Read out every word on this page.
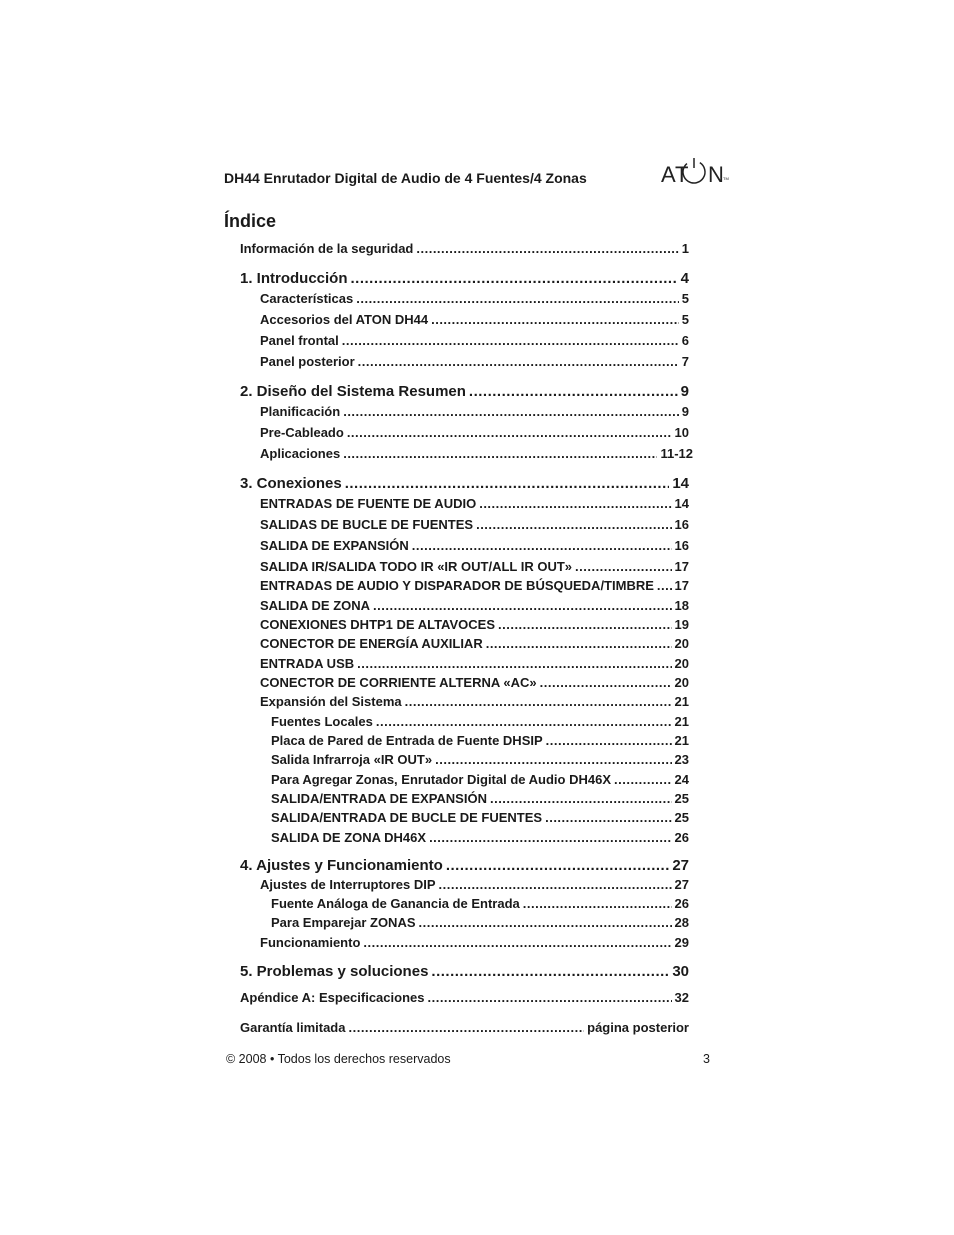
DH44 Enrutador Digital de Audio de 4 Fuentes/4 Zonas	A T N TM
Índice
Información de la seguridad .....	1
1. Introducción .....	4
Características .....	5
Accesorios del ATON DH44 .....	5
Panel frontal .....	6
Panel posterior .....	7
2. Diseño del Sistema Resumen .....	9
Planificación .....	9
Pre-Cableado .....	10
Aplicaciones .....	11-12
3. Conexiones .....	14
ENTRADAS DE FUENTE DE AUDIO .....	14
SALIDAS DE BUCLE DE FUENTES .....	16
SALIDA DE EXPANSIÓN .....	16
SALIDA IR/SALIDA TODO IR «IR OUT/ALL IR OUT» .....	17
ENTRADAS DE AUDIO Y DISPARADOR DE BÚSQUEDA/TIMBRE ..... 17
SALIDA DE ZONA .....	18
CONEXIONES DHTP1 DE ALTAVOCES .....	19
CONECTOR DE ENERGÍA AUXILIAR .....	20
ENTRADA USB .....	20
CONECTOR DE CORRIENTE ALTERNA «AC» .....	20
Expansión del Sistema .....	21
Fuentes Locales .....	21
Placa de Pared de Entrada de Fuente DHSIP .....	21
Salida Infrarroja «IR OUT» .....	23
Para Agregar Zonas, Enrutador Digital de Audio DH46X .....	24
SALIDA/ENTRADA DE EXPANSIÓN .....	25
SALIDA/ENTRADA DE BUCLE DE FUENTES .....	25
SALIDA DE ZONA DH46X .....	26
4. Ajustes y Funcionamiento .....	27
Ajustes de Interruptores DIP .....	27
Fuente Análoga de Ganancia de Entrada .....	26
Para Emparejar ZONAS .....	28
Funcionamiento .....	29
5. Problemas y soluciones .....	30
Apéndice A: Especificaciones .....	32
Garantía limitada .....	página posterior
© 2008 • Todos los derechos reservados	3
